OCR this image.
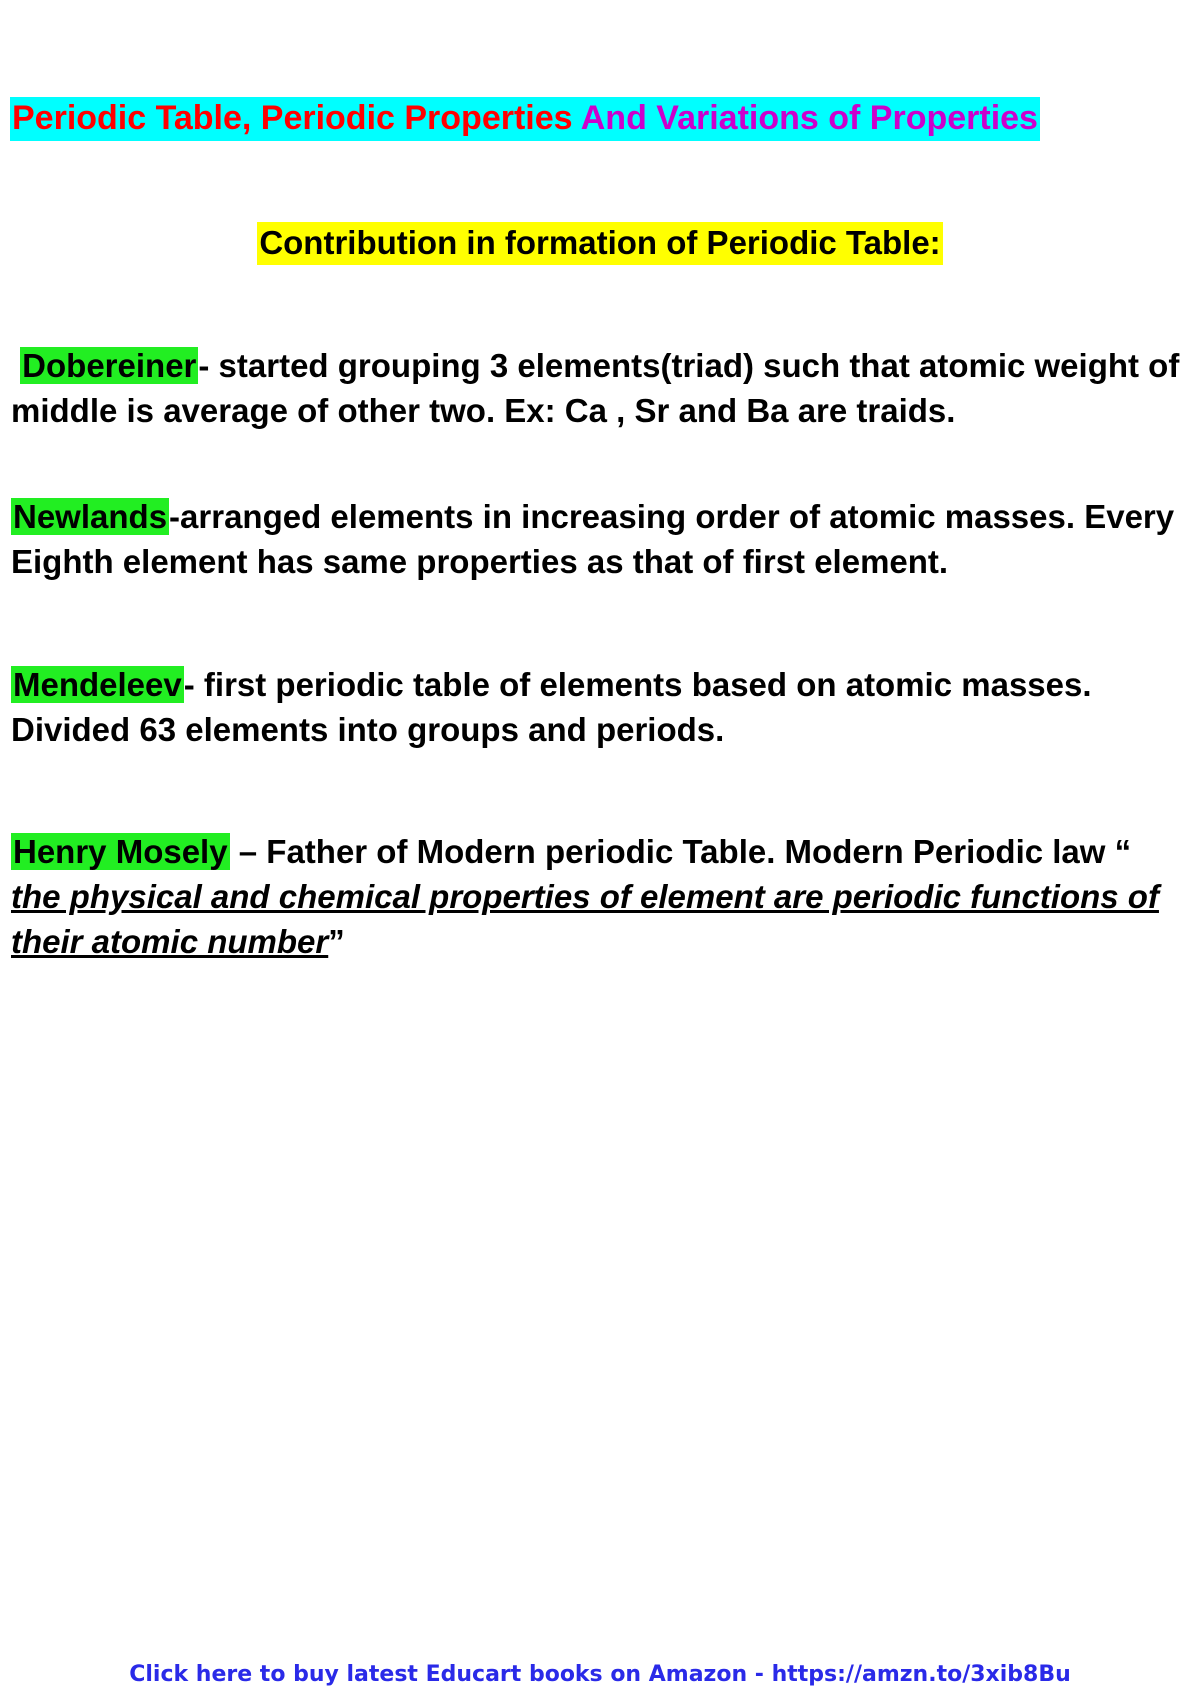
Periodic Table, Periodic Properties And Variations of Properties
Contribution in formation of Periodic Table:
Dobereiner- started grouping 3 elements(triad) such that atomic weight of middle is average of other two. Ex: Ca , Sr and Ba are traids.
Newlands-arranged elements in increasing order of atomic masses. Every Eighth element has same properties as that of first element.
Mendeleev- first periodic table of elements based on atomic masses. Divided 63 elements into groups and periods.
Henry Mosely – Father of Modern periodic Table. Modern Periodic law “ the physical and chemical properties of element are periodic functions of their atomic number”
Click here to buy latest Educart books on Amazon - https://amzn.to/3xib8Bu
